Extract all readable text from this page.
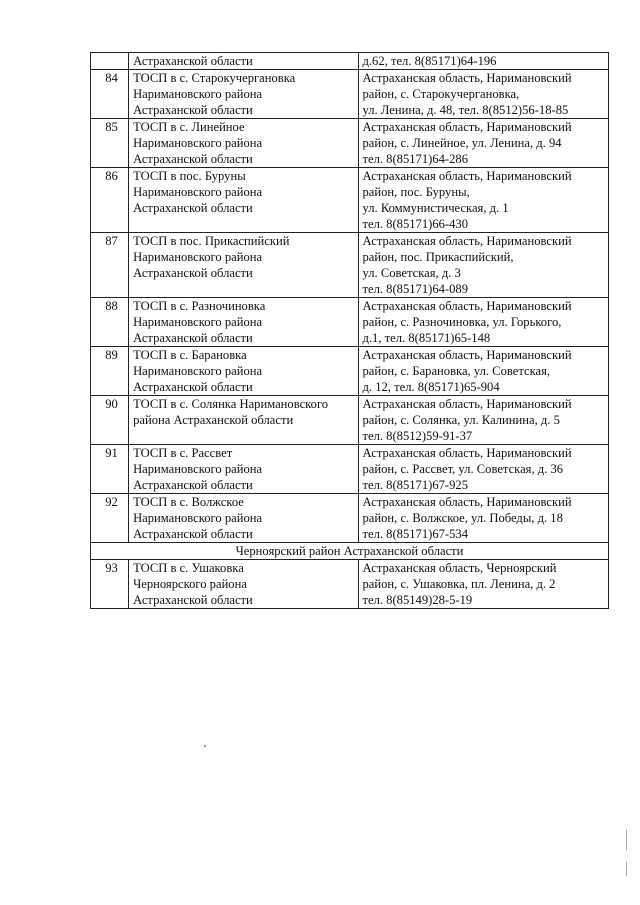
	Астраханской области	д.62, тел. 8(85171)64-196
84	ТОСП в с. Старокучергановка
Наримановского района
Астраханской области	Астраханская область, Наримановский
район, с. Старокучергановка,
ул. Ленина, д. 48, тел. 8(8512)56-18-85
85	ТОСП в с. Линейное
Наримановского района
Астраханской области	Астраханская область, Наримановский
район, с. Линейное, ул. Ленина, д. 94
тел. 8(85171)64-286
86	ТОСП в пос. Буруны
Наримановского района
Астраханской области	Астраханская область, Наримановский
район, пос. Буруны,
ул. Коммунистическая, д. 1
тел. 8(85171)66-430
87	ТОСП в пос. Прикаспийский
Наримановского района
Астраханской области	Астраханская область, Наримановский
район, пос. Прикаспийский,
ул. Советская, д. 3
тел. 8(85171)64-089
88	ТОСП в с. Разночиновка
Наримановского района
Астраханской области	Астраханская область, Наримановский
район, с. Разночиновка, ул. Горького,
д.1, тел. 8(85171)65-148
89	ТОСП в с. Барановка
Наримановского района
Астраханской области	Астраханская область, Наримановский
район, с. Барановка, ул. Советская,
д. 12, тел. 8(85171)65-904
90	ТОСП в с. Солянка Наримановского
района Астраханской области	Астраханская область, Наримановский
район, с. Солянка, ул. Калинина, д. 5
тел. 8(8512)59-91-37
91	ТОСП в с. Рассвет
Наримановского района
Астраханской области	Астраханская область, Наримановский
район, с. Рассвет, ул. Советская, д. 36
тел. 8(85171)67-925
92	ТОСП в с. Волжское
Наримановского района
Астраханской области	Астраханская область, Наримановский
район, с. Волжское, ул. Победы, д. 18
тел. 8(85171)67-534
Черноярский район Астраханской области		
93	ТОСП в с. Ушаковка
Черноярского района
Астраханской области	Астраханская область, Черноярский
район, с. Ушаковка, пл. Ленина, д. 2
тел. 8(85149)28-5-19
